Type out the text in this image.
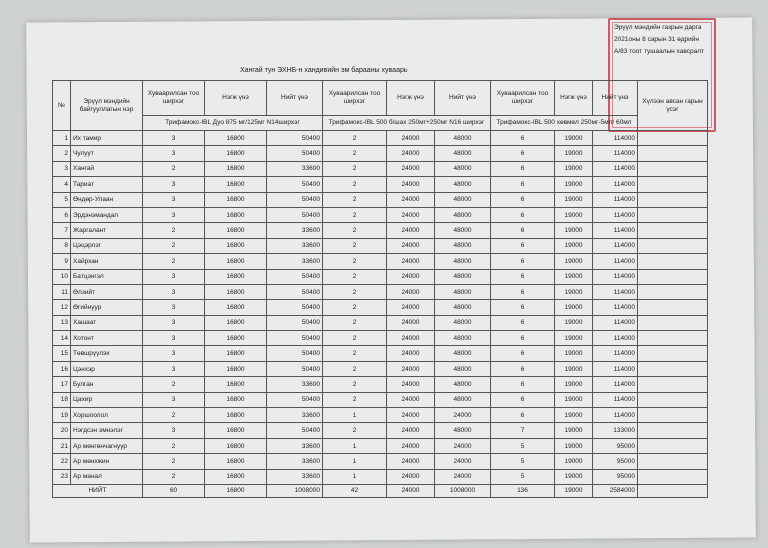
Эрүүл мэндийн газрын дарга
2021оны 8 сарын 31 өдрийн
А/83 тоот тушаалын хавсралт
Хангай тун ЭХНБ-н хандивийн эм барааны хуваарь
№	Эрүүл мэндийн байгууллагын нэр	Хуваарилсан тоо ширхэг	Нэгж үнэ	Нийт үнэ	Хуваарилсан тоо ширхэг	Нэгж үнэ	Нийт үнэ	Хуваарилсан тоо ширхэг	Нэгж үнэ	Нийт үнэ	Хүлээн авсан гарын үсэг
		Трифамокс-IBL Дуо 875 мг/125мг N14ширхэг			Трифамокс-IBL 500 б/шах 250мг+250мг N16 ширхэг			Трифамокс-IBL 500 хөвмөл 250мг-5мл/ 60мл			
1	Их тамир	3	16800	50400	2	24000	48000	6	19000	114000	
2	Чулуут	3	16800	50400	2	24000	48000	6	19000	114000	
3	Хангай	2	16800	33600	2	24000	48000	6	19000	114000	
4	Тариат	3	16800	50400	2	24000	48000	6	19000	114000	
5	Өндөр-Улаан	3	16800	50400	2	24000	48000	6	19000	114000	
6	Эрдэнэмандал	3	16800	50400	2	24000	48000	6	19000	114000	
7	Жаргалант	2	16800	33600	2	24000	48000	6	19000	114000	
8	Цэцэрлэг	2	16800	33600	2	24000	48000	6	19000	114000	
9	Хайрхан	2	16800	33600	2	24000	48000	6	19000	114000	
10	Батцэнгэл	3	16800	50400	2	24000	48000	6	19000	114000	
11	Өлзийт	3	16800	50400	2	24000	48000	6	19000	114000	
12	Өгийнуур	3	16800	50400	2	24000	48000	6	19000	114000	
13	Хашаат	3	16800	50400	2	24000	48000	6	19000	114000	
14	Хотонт	3	16800	50400	2	24000	48000	6	19000	114000	
15	Төвшрүүлэх	3	16800	50400	2	24000	48000	6	19000	114000	
16	Цэнхэр	3	16800	50400	2	24000	48000	6	19000	114000	
17	Булган	2	16800	33600	2	24000	48000	6	19000	114000	
18	Цахир	3	16800	50400	2	24000	48000	6	19000	114000	
19	Хоршоолол	2	16800	33600	1	24000	24000	6	19000	114000	
20	Нэгдсэн эмнэлэг	3	16800	50400	2	24000	48000	7	19000	133000	
21	Ар мөнгөнчагнуур	2	16800	33600	1	24000	24000	5	19000	95000	
22	Ар мөнхжин	2	16800	33600	1	24000	24000	5	19000	95000	
23	Ар манал	2	16800	33600	1	24000	24000	5	19000	95000	
НИЙТ		60	16800	1008000	42	24000	1008000	136	19000	2584000	
